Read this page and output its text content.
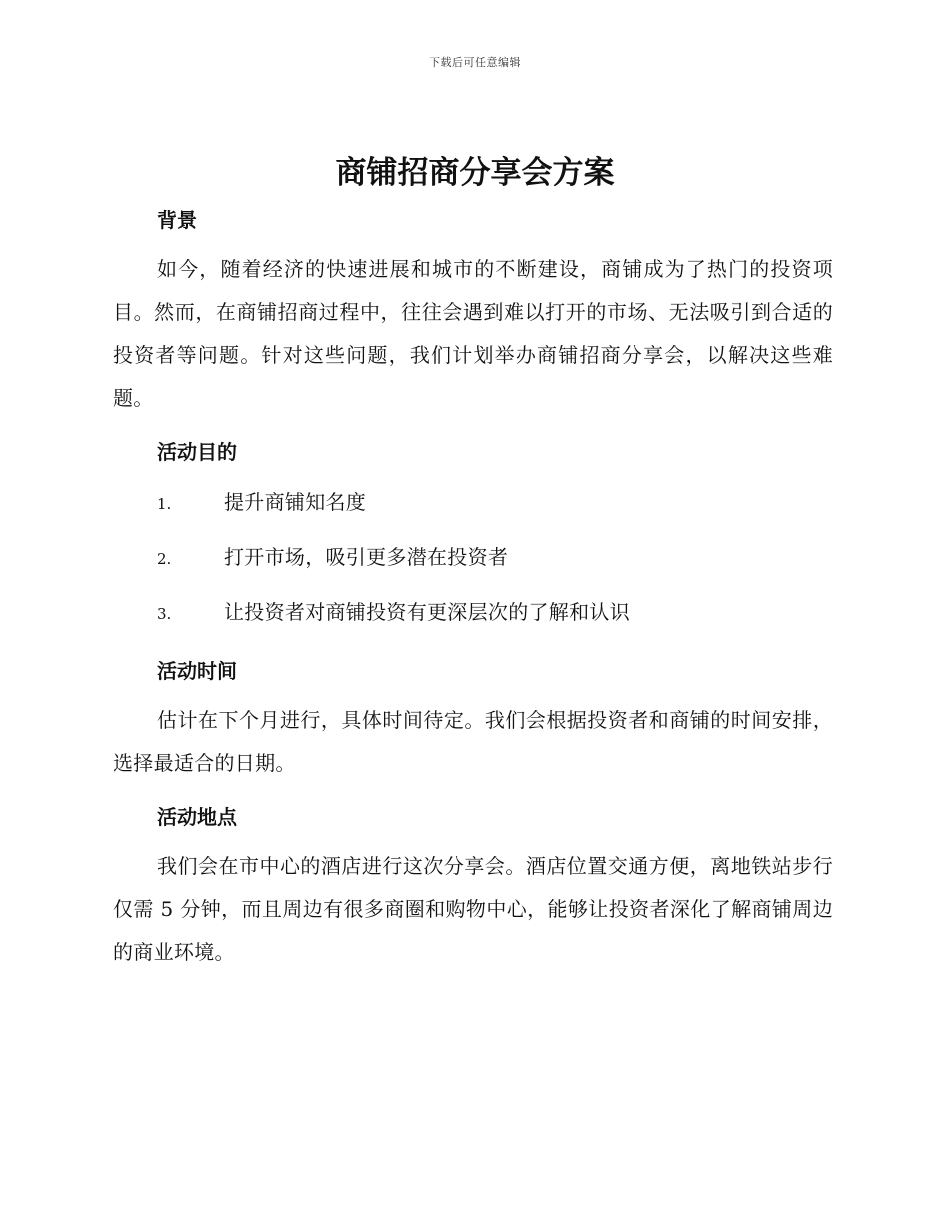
下载后可任意编辑
商铺招商分享会方案
背景

如今，随着经济的快速进展和城市的不断建设，商铺成为了热门的投资项目。然而，在商铺招商过程中，往往会遇到难以打开的市场、无法吸引到合适的投资者等问题。针对这些问题，我们计划举办商铺招商分享会，以解决这些难题。

活动目的
1.	提升商铺知名度
2.	打开市场，吸引更多潜在投资者
3.	让投资者对商铺投资有更深层次的了解和认识
活动时间

估计在下个月进行，具体时间待定。我们会根据投资者和商铺的时间安排，选择最适合的日期。

活动地点

我们会在市中心的酒店进行这次分享会。酒店位置交通方便，离地铁站步行仅需 5 分钟，而且周边有很多商圈和购物中心，能够让投资者深化了解商铺周边的商业环境。
